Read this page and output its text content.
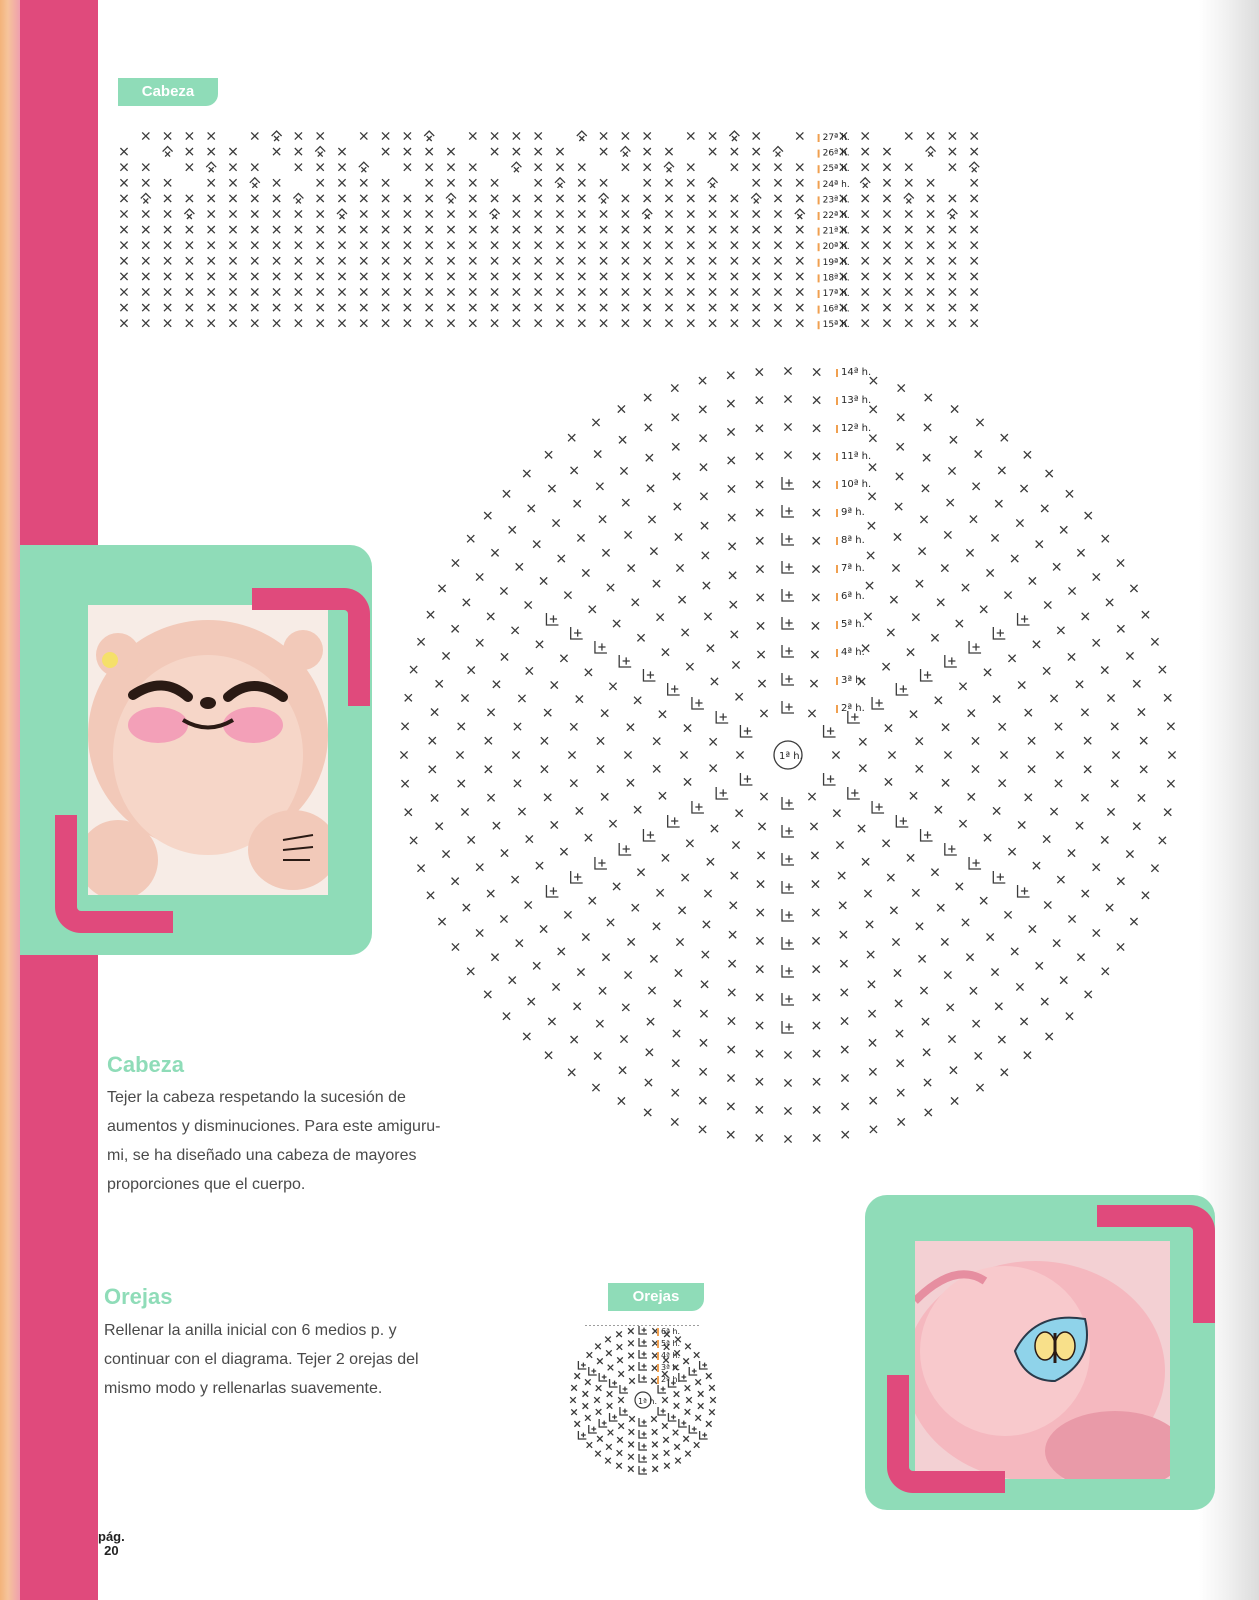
Cabeza
27ª h.
26ª h.
25ª h.
24ª h.
23ª h.
22ª h.
21ª h.
20ª h.
19ª h.
18ª h.
17ª h.
16ª h.
15ª h.
1ª h.
2ª h.
3ª h.
4ª h.
5ª h.
6ª h.
7ª h.
8ª h.
9ª h.
10ª h.
11ª h.
12ª h.
13ª h.
14ª h.
Cabeza
Tejer la cabeza respetando la sucesión de
aumentos y disminuciones. Para este amiguru-
mi, se ha diseñado una cabeza de mayores
proporciones que el cuerpo.
Orejas
Rellenar la anilla inicial con 6 medios p. y
continuar con el diagrama. Tejer 2 orejas del
mismo modo y rellenarlas suavemente.
Orejas
1ª h.
2ª h.
3ª h.
4ª h.
5ª h.
6ª h.
pág.
20
